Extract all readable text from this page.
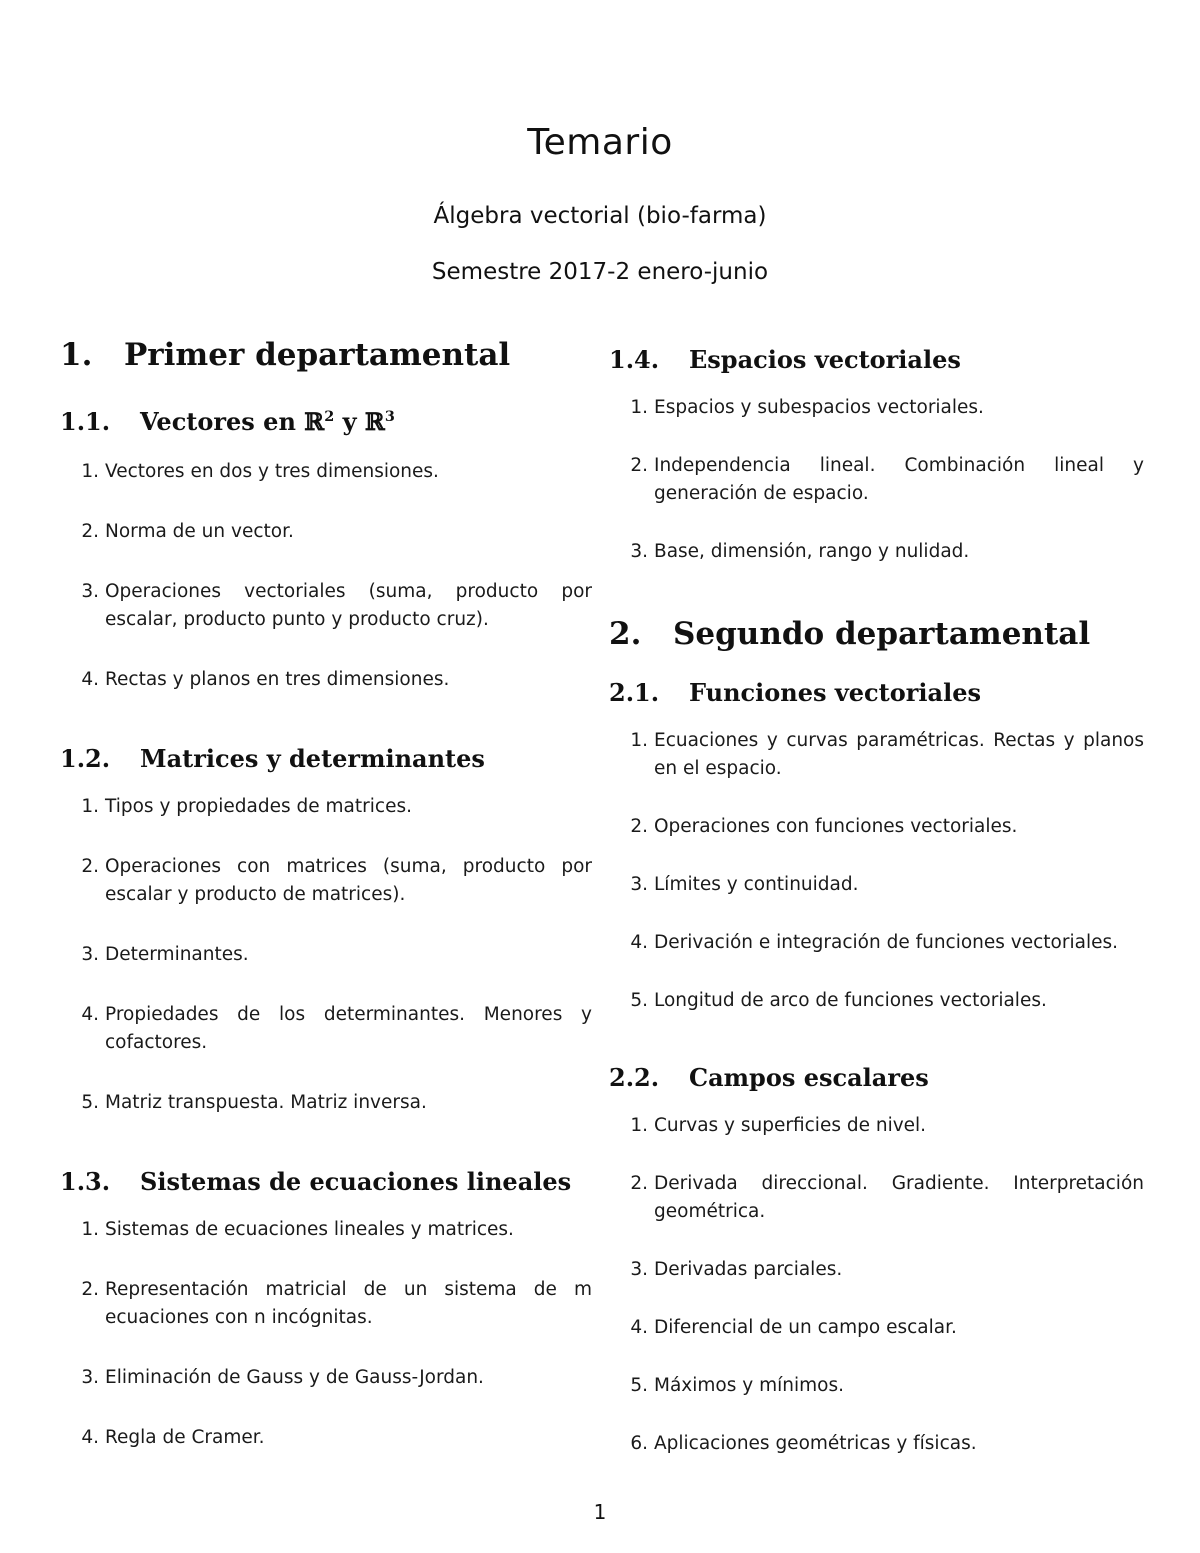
Temario
Álgebra vectorial (bio-farma)
Semestre 2017-2 enero-junio
1.	Primer departamental
1.1.	Vectores en ℝ$^2$ y ℝ$^3$
1. Vectores en dos y tres dimensiones.
2. Norma de un vector.
3. Operaciones vectoriales (suma, producto por escalar, producto punto y producto cruz).
4. Rectas y planos en tres dimensiones.
1.2.	Matrices y determinantes
1. Tipos y propiedades de matrices.
2. Operaciones con matrices (suma, producto por escalar y producto de matrices).
3. Determinantes.
4. Propiedades de los determinantes. Menores y cofactores.
5. Matriz transpuesta. Matriz inversa.
1.3.	Sistemas de ecuaciones lineales
1. Sistemas de ecuaciones lineales y matrices.
2. Representación matricial de un sistema de m ecuaciones con n incógnitas.
3. Eliminación de Gauss y de Gauss-Jordan.
4. Regla de Cramer.
1.4.	Espacios vectoriales
1. Espacios y subespacios vectoriales.
2. Independencia lineal. Combinación lineal y generación de espacio.
3. Base, dimensión, rango y nulidad.
2.	Segundo departamental
2.1.	Funciones vectoriales
1. Ecuaciones y curvas paramétricas. Rectas y planos en el espacio.
2. Operaciones con funciones vectoriales.
3. Límites y continuidad.
4. Derivación e integración de funciones vectoriales.
5. Longitud de arco de funciones vectoriales.
2.2.	Campos escalares
1. Curvas y superficies de nivel.
2. Derivada direccional. Gradiente. Interpretación geométrica.
3. Derivadas parciales.
4. Diferencial de un campo escalar.
5. Máximos y mínimos.
6. Aplicaciones geométricas y físicas.
1
